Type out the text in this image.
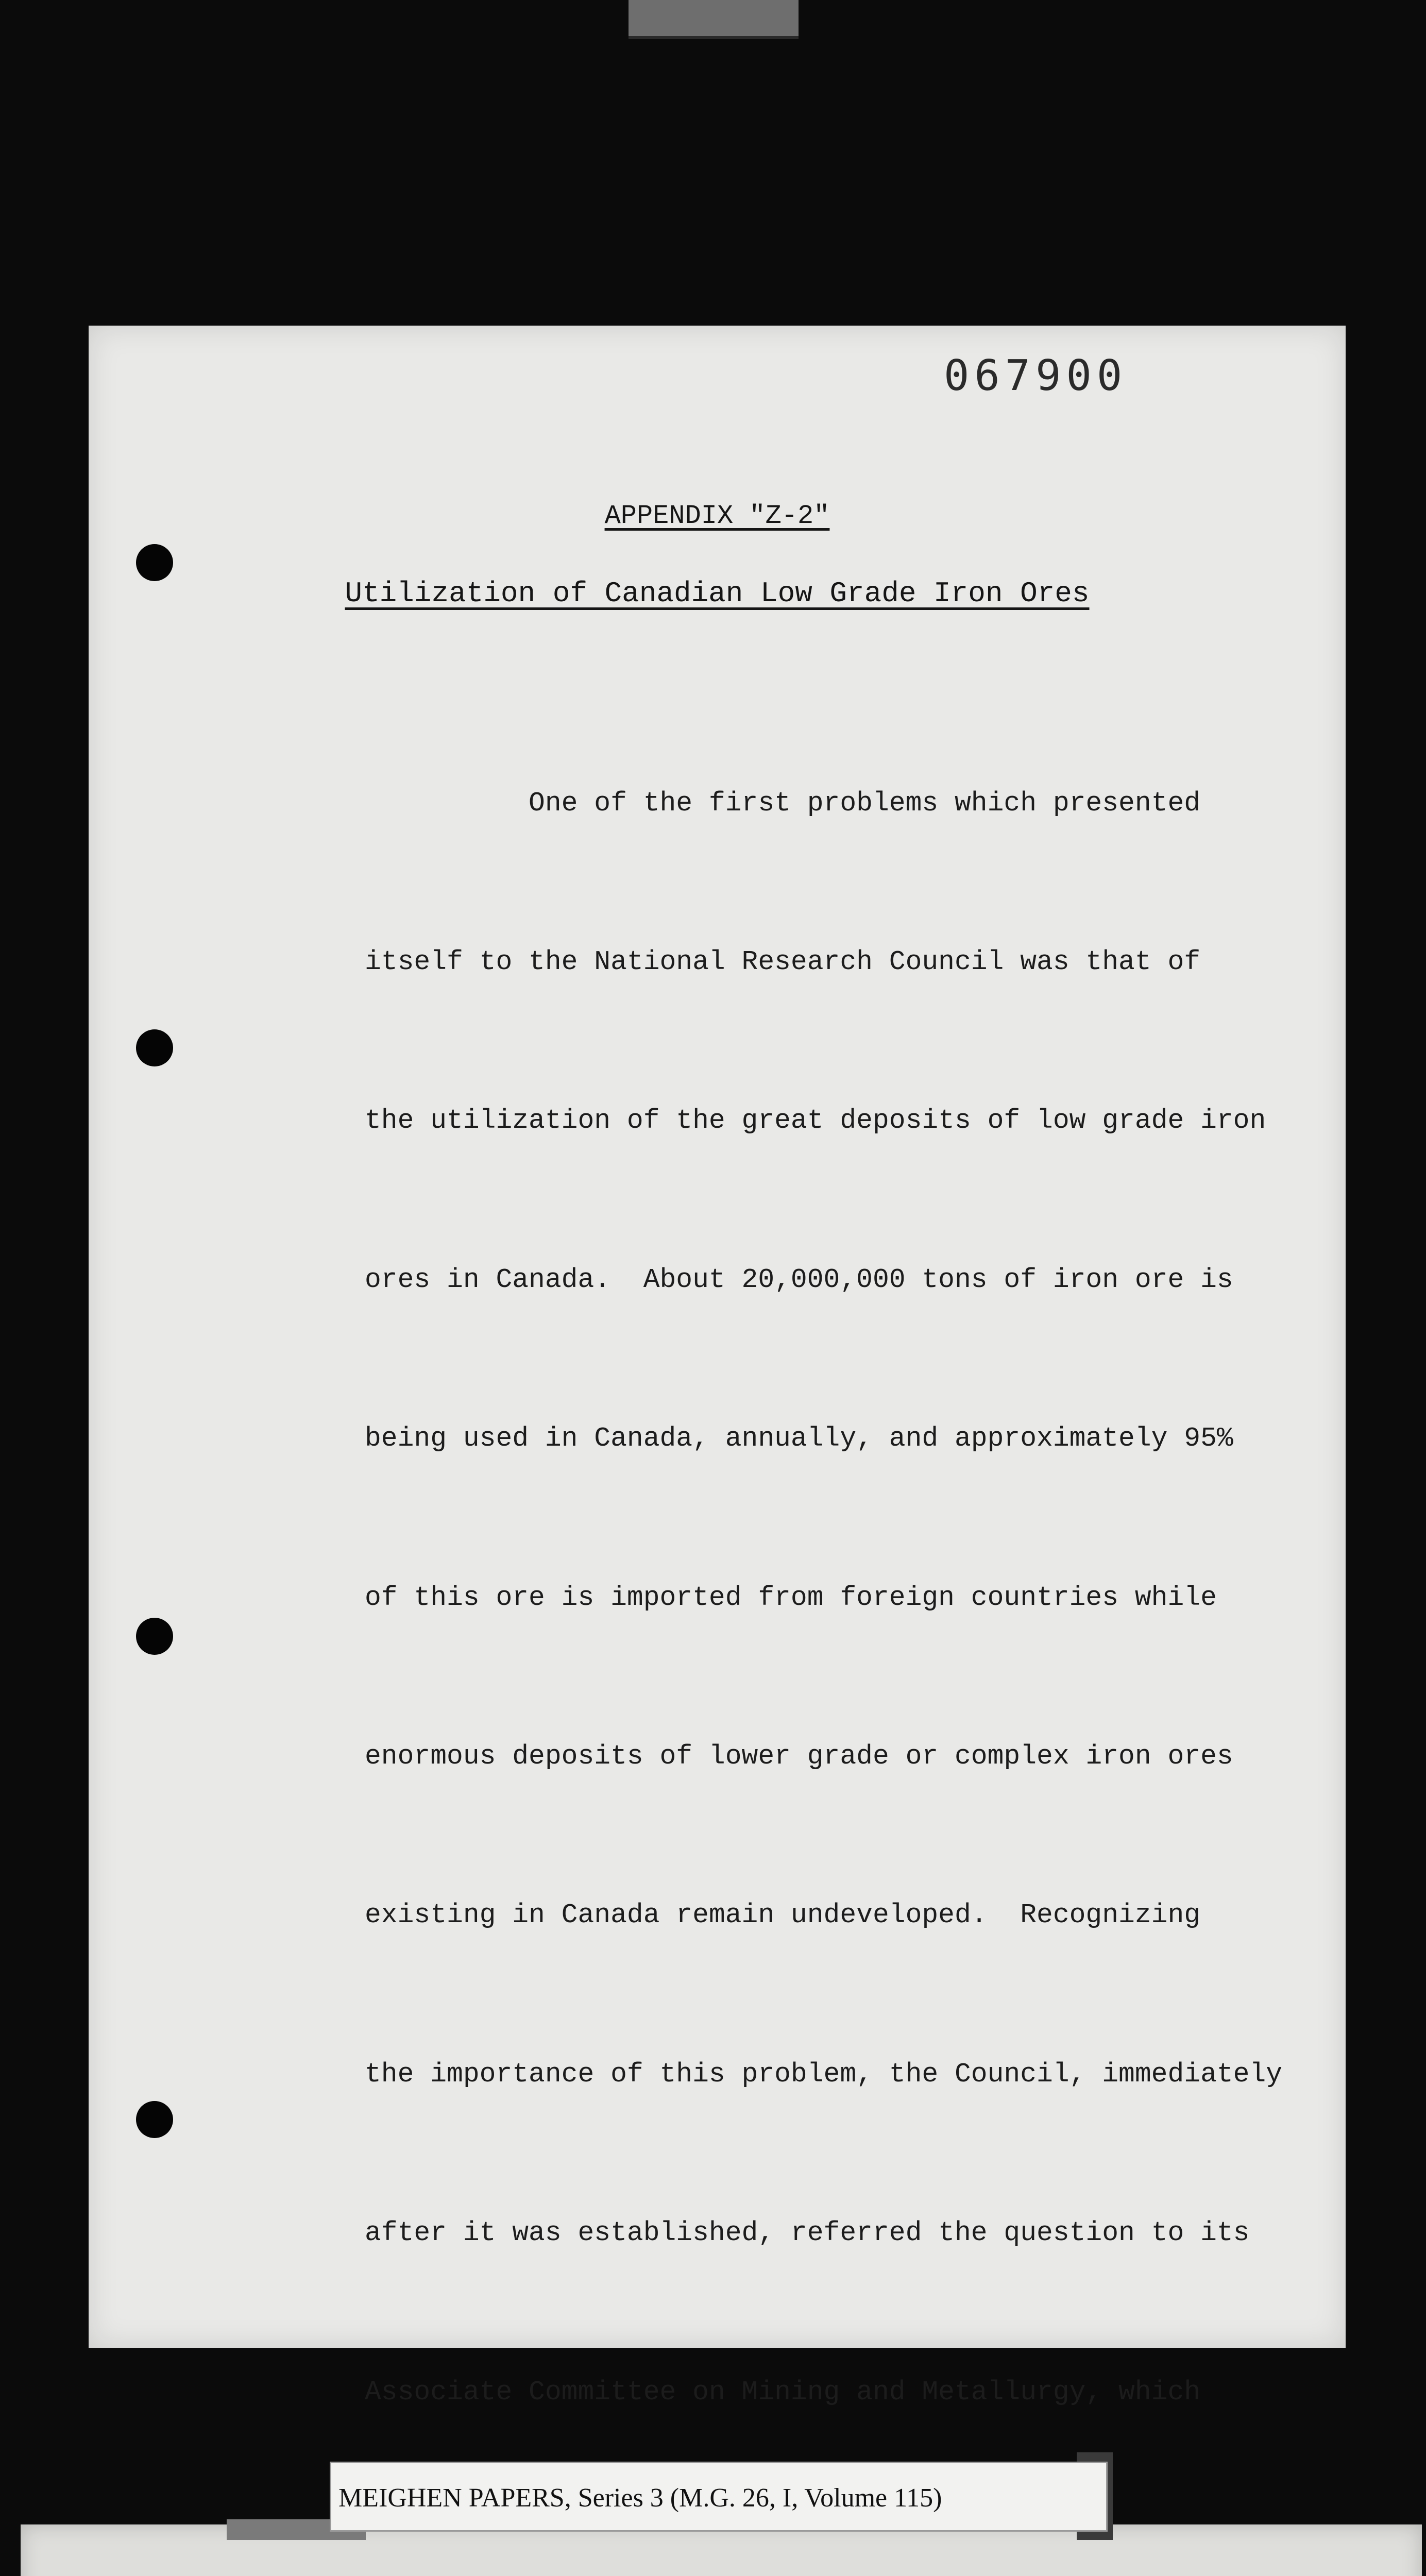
067900
APPENDIX "Z-2"
Utilization of Canadian Low Grade Iron Ores

One of the first problems which presented

itself to the National Research Council was that of

the utilization of the great deposits of low grade iron

ores in Canada.  About 20,000,000 tons of iron ore is

being used in Canada, annually, and approximately 95%

of this ore is imported from foreign countries while

enormous deposits of lower grade or complex iron ores

existing in Canada remain undeveloped.  Recognizing

the importance of this problem, the Council, immediately

after it was established, referred the question to its

Associate Committee on Mining and Metallurgy, which

MEIGHEN PAPERS, Series 3 (M.G. 26, I, Volume 115)
